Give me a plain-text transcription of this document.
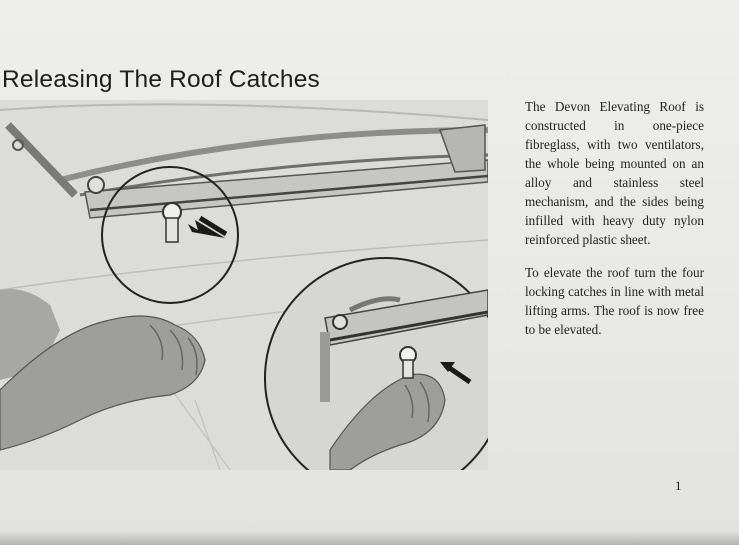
Releasing The Roof Catches

The Devon Elevating Roof is constructed in one-piece fibreglass, with two ventilators, the whole being mounted on an alloy and stainless steel mechanism, and the sides being infilled with heavy duty nylon reinforced plastic sheet.

To elevate the roof turn the four locking catches in line with metal lifting arms. The roof is now free to be elevated.

1
